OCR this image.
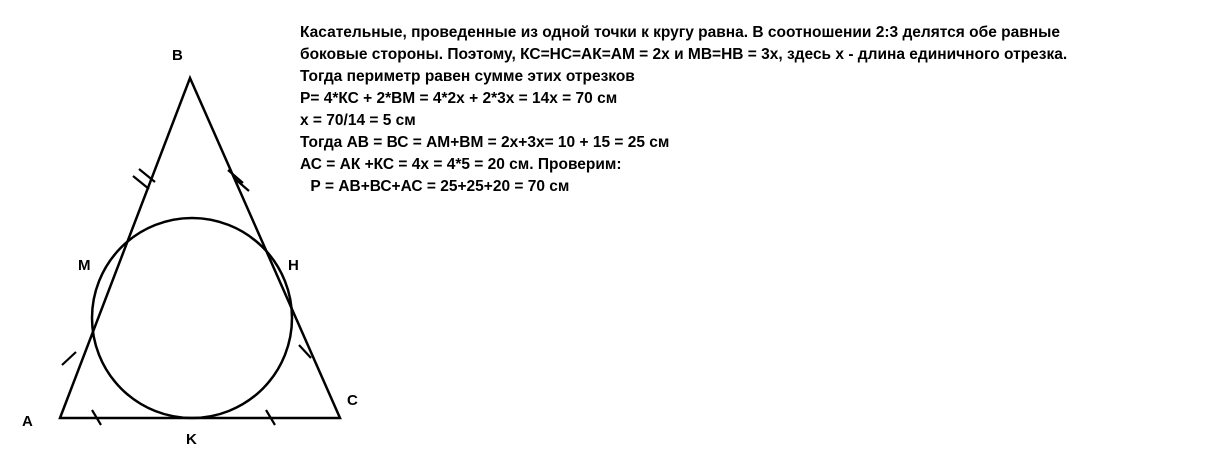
A
B
C
M	H
K
Касательные, проведенные из одной точки к кругу равна. В соотношении 2:3 делятся обе равные
боковые стороны. Поэтому, КС=НС=АК=АМ = 2х и МВ=НВ = 3х, здесь х - длина единичного отрезка.
Тогда периметр равен сумме этих отрезков
Р= 4*КС + 2*ВМ = 4*2х + 2*3х = 14х = 70 см
х = 70/14 = 5 см
Тогда АВ = ВС = АМ+ВМ = 2х+3х= 10 + 15 = 25 см
АС = АК +КС = 4х = 4*5 = 20 см. Проверим:
Р = АВ+ВС+АС = 25+25+20 = 70 см
